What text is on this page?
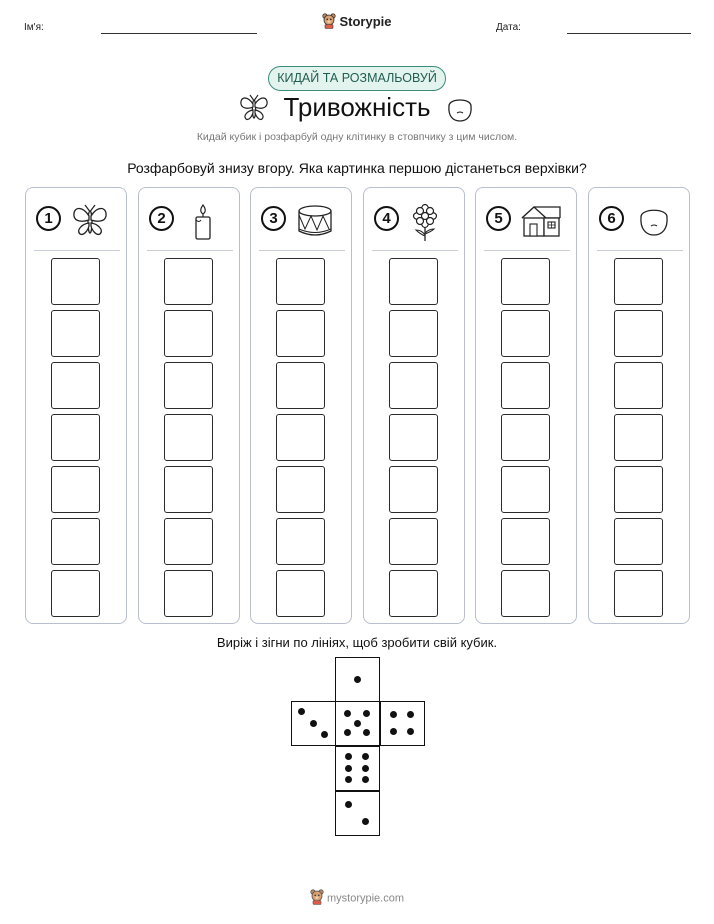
Ім'я:	Storypie	Дата:
КИДАЙ ТА РОЗМАЛЬОВУЙ
Тривожність
Кидай кубик і розфарбуй одну клітинку в стовпчику з цим числом.
Розфарбовуй знизу вгору. Яка картинка першою дістанеться верхівки?
1	2	3	4	5	6
Виріж і зігни по лініях, щоб зробити свій кубик.
mystorypie.com
